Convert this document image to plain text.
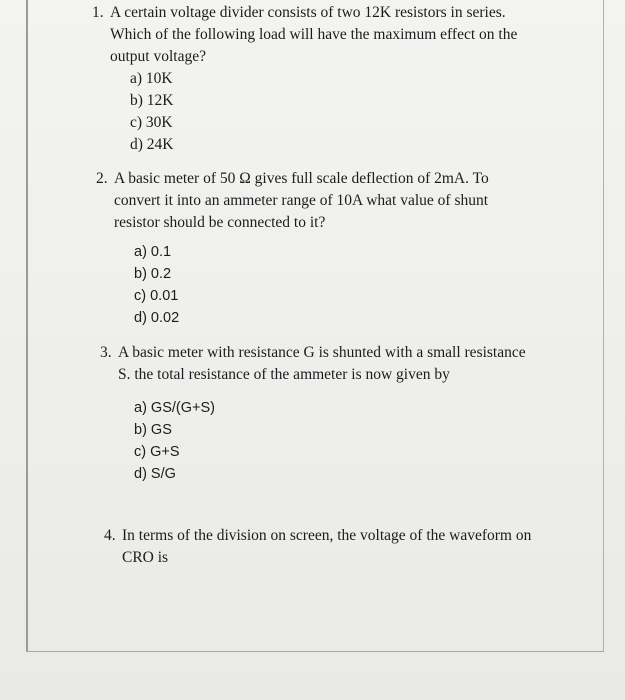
1. A certain voltage divider consists of two 12K resistors in series.
Which of the following load will have the maximum effect on the
output voltage?
a) 10K
b) 12K
c) 30K
d) 24K
2. A basic meter of 50 Ω gives full scale deflection of 2mA. To
convert it into an ammeter range of 10A what value of shunt
resistor should be connected to it?
a) 0.1
b) 0.2
c) 0.01
d) 0.02
3. A basic meter with resistance G is shunted with a small resistance
S. the total resistance of the ammeter is now given by
a) GS/(G+S)
b) GS
c) G+S
d) S/G
4. In terms of the division on screen, the voltage of the waveform on
CRO is
